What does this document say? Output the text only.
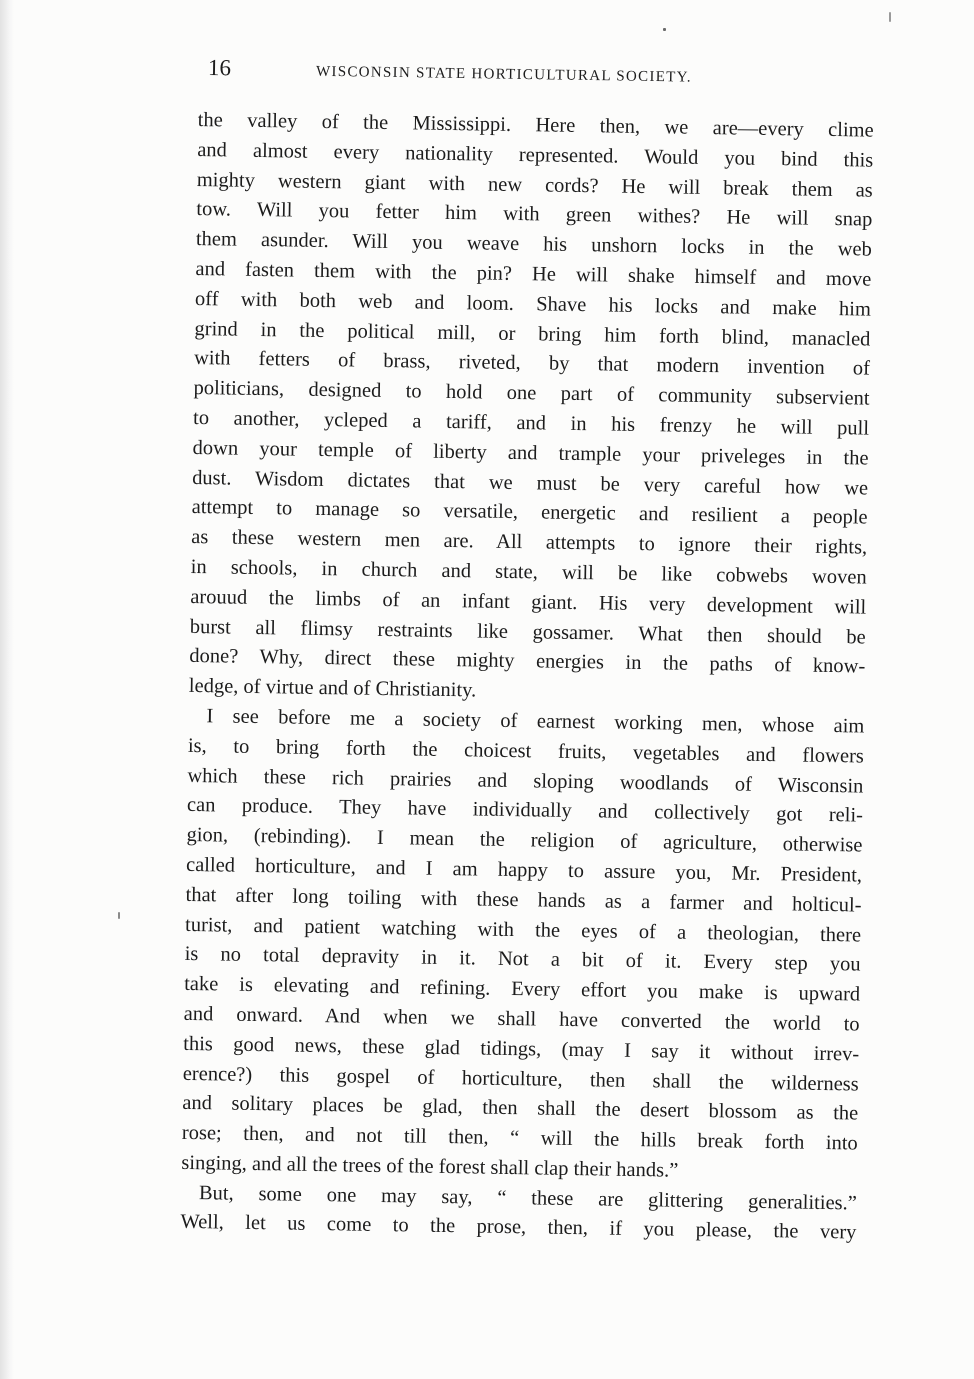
16	WISCONSIN STATE HORTICULTURAL SOCIETY.
the valley of the Mississippi. Here then, we are—every clime
and almost every nationality represented. Would you bind this
mighty western giant with new cords? He will break them as
tow. Will you fetter him with green withes? He will snap
them asunder. Will you weave his unshorn locks in the web
and fasten them with the pin? He will shake himself and move
off with both web and loom. Shave his locks and make him
grind in the political mill, or bring him forth blind, manacled
with fetters of brass, riveted, by that modern invention of
politicians, designed to hold one part of community subservient
to another, ycleped a tariff, and in his frenzy he will pull
down your temple of liberty and trample your priveleges in the
dust. Wisdom dictates that we must be very careful how we
attempt to manage so versatile, energetic and resilient a people
as these western men are. All attempts to ignore their rights,
in schools, in church and state, will be like cobwebs woven
arouud the limbs of an infant giant. His very development will
burst all flimsy restraints like gossamer. What then should be
done? Why, direct these mighty energies in the paths of know-
ledge, of virtue and of Christianity.
I see before me a society of earnest working men, whose aim
is, to bring forth the choicest fruits, vegetables and flowers
which these rich prairies and sloping woodlands of Wisconsin
can produce. They have individually and collectively got reli-
gion, (rebinding). I mean the religion of agriculture, otherwise
called horticulture, and I am happy to assure you, Mr. President,
that after long toiling with these hands as a farmer and holticul-
turist, and patient watching with the eyes of a theologian, there
is no total depravity in it. Not a bit of it. Every step you
take is elevating and refining. Every effort you make is upward
and onward. And when we shall have converted the world to
this good news, these glad tidings, (may I say it without irrev-
erence?) this gospel of horticulture, then shall the wilderness
and solitary places be glad, then shall the desert blossom as the
rose; then, and not till then, “ will the hills break forth into
singing, and all the trees of the forest shall clap their hands.”
But, some one may say, “ these are glittering generalities.”
Well, let us come to the prose, then, if you please, the very
